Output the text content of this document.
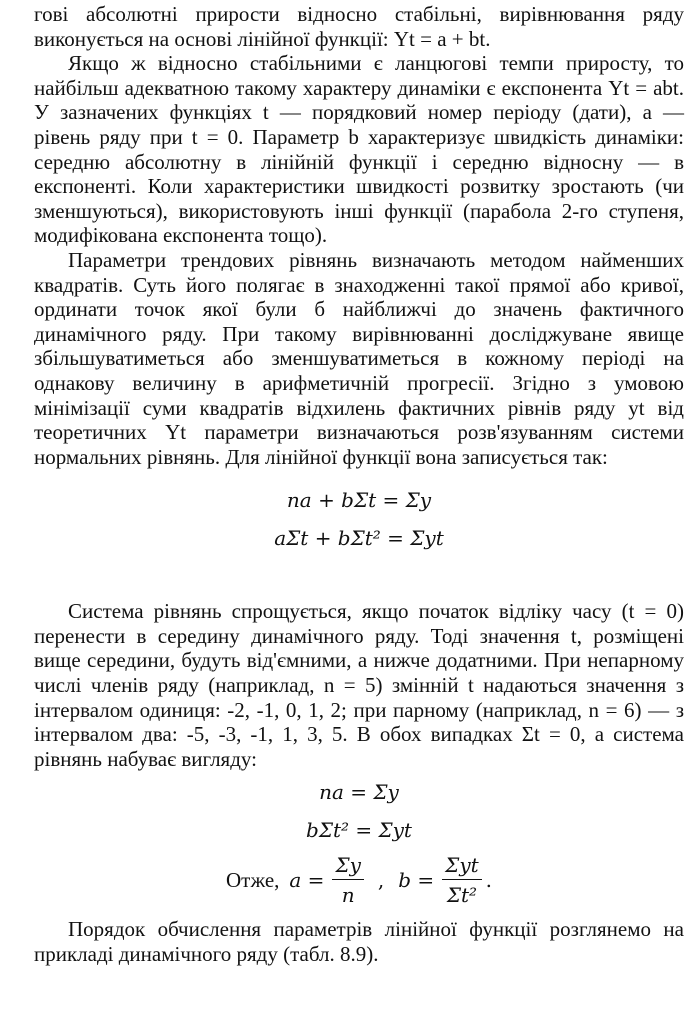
гові абсолютні прирости відносно стабільні, вирівнювання ряду виконується на основі лінійної функції: Yt = a + bt.

Якщо ж відносно стабільними є ланцюгові темпи приросту, то найбільш адекватною такому характеру динаміки є експонента Yt = abt. У зазначених функціях t — порядковий номер періоду (дати), a — рівень ряду при t = 0. Параметр b характеризує швидкість динаміки: середню абсолютну в лінійній функції і середню відносну — в експоненті. Коли характеристики швидкості розвитку зростають (чи зменшуються), використовують інші функції (парабола 2-го ступеня, модифікована експонента тощо).

Параметри трендових рівнянь визначають методом найменших квадратів. Суть його полягає в знаходженні такої прямої або кривої, ординати точок якої були б найближчі до значень фактичного динамічного ряду. При такому вирівнюванні досліджуване явище збільшуватиметься або зменшуватиметься в кожному періоді на однакову величину в арифметичній прогресії. Згідно з умовою мінімізації суми квадратів відхилень фактичних рівнів ряду yt від теоретичних Yt параметри визначаються розв'язуванням системи нормальних рівнянь. Для лінійної функції вона записується так:

na + bΣt = Σy

aΣt + bΣt² = Σyt

Система рівнянь спрощується, якщо початок відліку часу (t = 0) перенести в середину динамічного ряду. Тоді значення t, розміщені вище середини, будуть від'ємними, а нижче додатними. При непарному числі членів ряду (наприклад, n = 5) змінній t надаються значення з інтервалом одиниця: -2, -1, 0, 1, 2; при парному (наприклад, n = 6) — з інтервалом два: -5, -3, -1, 1, 3, 5. В обох випадках Σt = 0, а система рівнянь набуває вигляду:

na = Σy

bΣt² = Σyt

Отже, $a = \frac{\Sigma y}{n}$ , $b = \frac{\text{Σyt}}{\text{Σt²}}$ .

Порядок обчислення параметрів лінійної функції розглянемо на прикладі динамічного ряду (табл. 8.9).
